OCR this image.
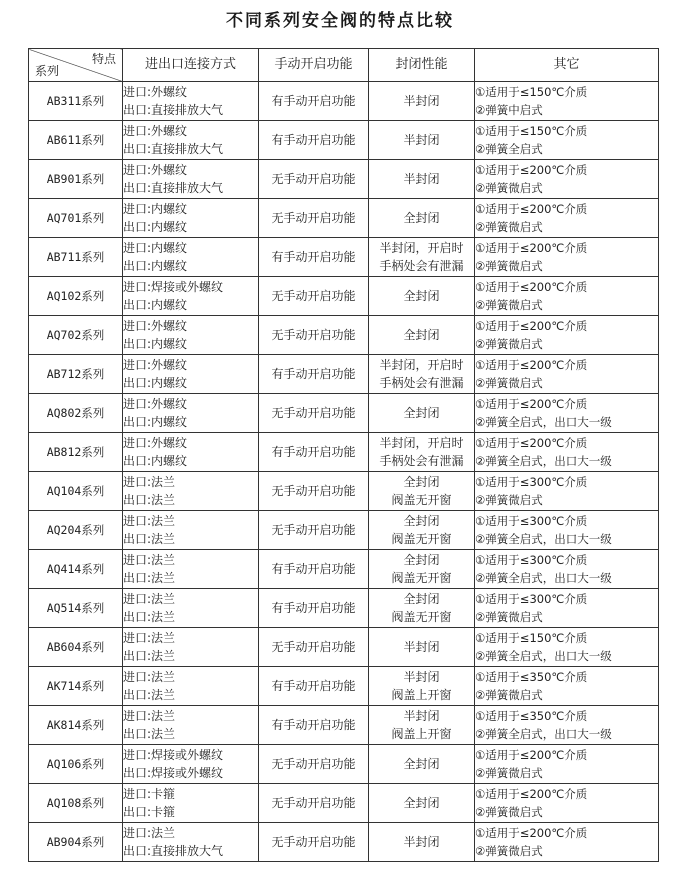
不同系列安全阀的特点比较
特点
系列	进出口连接方式	手动开启功能	封闭性能	其它
AB311系列	进口:外螺纹
出口:直接排放大气	有手动开启功能	半封闭	①适用于≤150℃介质
②弹簧中启式

AB611系列	进口:外螺纹
出口:直接排放大气	有手动开启功能	半封闭	①适用于≤150℃介质
②弹簧全启式

AB901系列	进口:外螺纹
出口:直接排放大气	无手动开启功能	半封闭	①适用于≤200℃介质
②弹簧微启式

AQ701系列	进口:内螺纹
出口:内螺纹	无手动开启功能	全封闭	①适用于≤200℃介质
②弹簧微启式

AB711系列	进口:内螺纹
出口:内螺纹	有手动开启功能	半封闭，开启时
手柄处会有泄漏	①适用于≤200℃介质
②弹簧微启式

AQ102系列	进口:焊接或外螺纹
出口:内螺纹	无手动开启功能	全封闭	①适用于≤200℃介质
②弹簧微启式

AQ702系列	进口:外螺纹
出口:内螺纹	无手动开启功能	全封闭	①适用于≤200℃介质
②弹簧微启式

AB712系列	进口:外螺纹
出口:内螺纹	有手动开启功能	半封闭，开启时
手柄处会有泄漏	①适用于≤200℃介质
②弹簧微启式

AQ802系列	进口:外螺纹
出口:内螺纹	无手动开启功能	全封闭	①适用于≤200℃介质
②弹簧全启式，出口大一级

AB812系列	进口:外螺纹
出口:内螺纹	有手动开启功能	半封闭，开启时
手柄处会有泄漏	①适用于≤200℃介质
②弹簧全启式，出口大一级

AQ104系列	进口:法兰
出口:法兰	无手动开启功能	全封闭
阀盖无开窗	①适用于≤300℃介质
②弹簧微启式

AQ204系列	进口:法兰
出口:法兰	无手动开启功能	全封闭
阀盖无开窗	①适用于≤300℃介质
②弹簧全启式，出口大一级

AQ414系列	进口:法兰
出口:法兰	有手动开启功能	全封闭
阀盖无开窗	①适用于≤300℃介质
②弹簧全启式，出口大一级

AQ514系列	进口:法兰
出口:法兰	有手动开启功能	全封闭
阀盖无开窗	①适用于≤300℃介质
②弹簧微启式

AB604系列	进口:法兰
出口:法兰	无手动开启功能	半封闭	①适用于≤150℃介质
②弹簧全启式，出口大一级

AK714系列	进口:法兰
出口:法兰	有手动开启功能	半封闭
阀盖上开窗	①适用于≤350℃介质
②弹簧微启式

AK814系列	进口:法兰
出口:法兰	有手动开启功能	半封闭
阀盖上开窗	①适用于≤350℃介质
②弹簧全启式，出口大一级

AQ106系列	进口:焊接或外螺纹
出口:焊接或外螺纹	无手动开启功能	全封闭	①适用于≤200℃介质
②弹簧微启式

AQ108系列	进口:卡箍
出口:卡箍	无手动开启功能	全封闭	①适用于≤200℃介质
②弹簧微启式

AB904系列	进口:法兰
出口:直接排放大气	无手动开启功能	半封闭	①适用于≤200℃介质
②弹簧微启式
